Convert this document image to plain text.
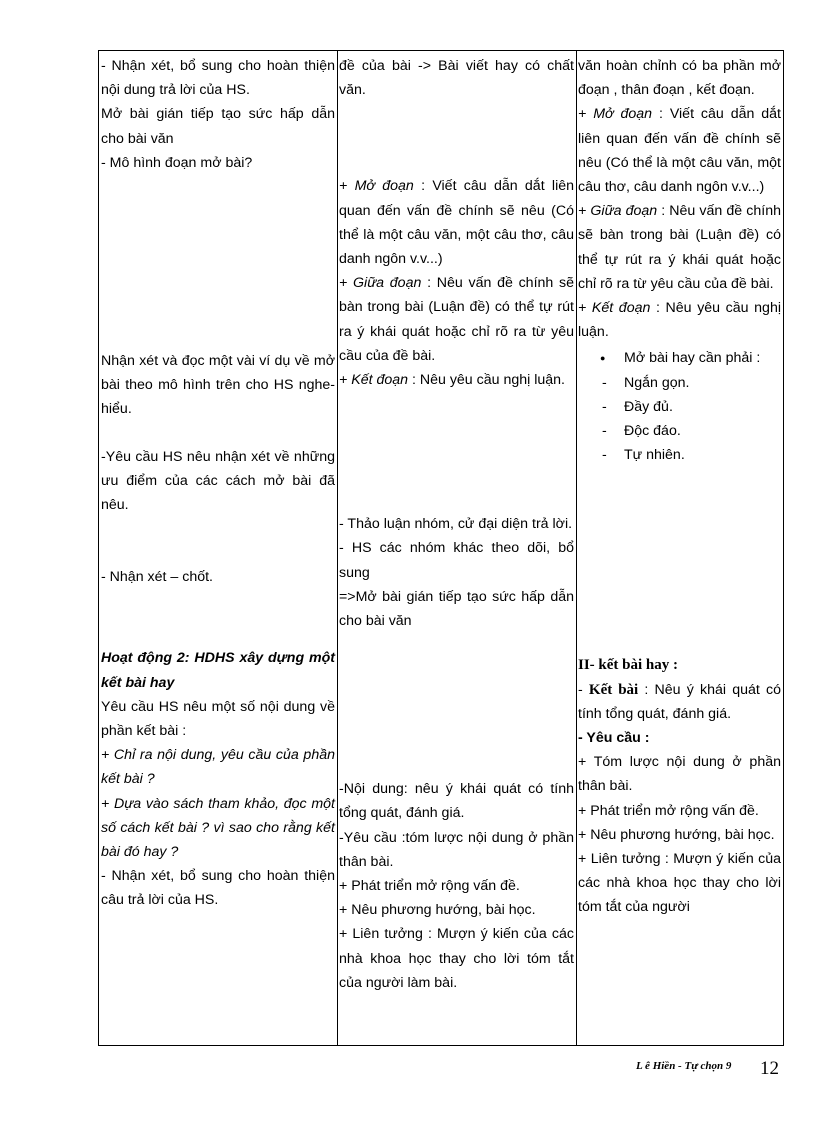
- Nhận xét, bổ sung cho hoàn thiện nội dung trả lời của HS.

Mở bài gián tiếp tạo sức hấp dẫn cho bài văn

- Mô hình đoạn mở bài?

Nhận xét và đọc một vài ví dụ về mở bài theo mô hình trên cho HS nghe-hiểu.

-Yêu cầu HS nêu nhận xét về những ưu điểm của các cách mở bài đã nêu.

- Nhận xét – chốt.

Hoạt động 2: HDHS xây dựng một kết bài hay

Yêu cầu HS nêu một số nội dung về phần kết bài :

+ Chỉ ra nội dung, yêu cầu của phần kết bài ?

+ Dựa vào sách tham khảo, đọc một số cách kết bài ? vì sao cho rằng kết bài đó hay ?

- Nhận xét, bổ sung cho hoàn thiện câu trả lời của HS.

đề của bài -> Bài viết hay có chất văn.

+ Mở đoạn : Viết câu dẫn dắt liên quan đến vấn đề chính sẽ nêu (Có thể là một câu văn, một câu thơ, câu danh ngôn v.v...)

+ Giữa đoạn : Nêu vấn đề chính sẽ bàn trong bài (Luận đề) có thể tự rút ra ý khái quát hoặc chỉ rõ ra từ yêu cầu của đề bài.

+ Kết đoạn : Nêu yêu cầu nghị luận.

- Thảo luận nhóm, cử đại diện trả lời.

- HS các nhóm khác theo dõi, bổ sung

=>Mở bài gián tiếp tạo sức hấp dẫn cho bài văn

-Nội dung: nêu ý khái quát có tính tổng quát, đánh giá.

-Yêu cầu :tóm lược nội dung ở phần thân bài.

+ Phát triển mở rộng vấn đề.

+ Nêu phương hướng, bài học.

+ Liên tưởng : Mượn ý kiến của các nhà khoa học thay cho lời tóm tắt của người làm bài.

văn hoàn chỉnh có ba phần mở đoạn , thân đoạn , kết đoạn.

+ Mở đoạn : Viết câu dẫn dắt liên quan đến vấn đề chính sẽ nêu (Có thể là một câu văn, một câu thơ, câu danh ngôn v.v...)

+ Giữa đoạn : Nêu vấn đề chính sẽ bàn trong bài (Luận đề) có thể tự rút ra ý khái quát hoặc chỉ rõ ra từ yêu cầu của đề bài.

+ Kết đoạn : Nêu yêu cầu nghị luận.

● Mở bài hay cần phải :
- Ngắn gọn.
- Đầy đủ.
- Độc đáo.
- Tự nhiên.

II- kết bài hay :

- Kết bài : Nêu ý khái quát có tính tổng quát, đánh giá.

- Yêu cầu :

+ Tóm lược nội dung ở phần thân bài.

+ Phát triển mở rộng vấn đề.

+ Nêu phương hướng, bài học.

+ Liên tưởng : Mượn ý kiến của các nhà khoa học thay cho lời tóm tắt của người

L ê Hiền - Tự chọn 9 12
